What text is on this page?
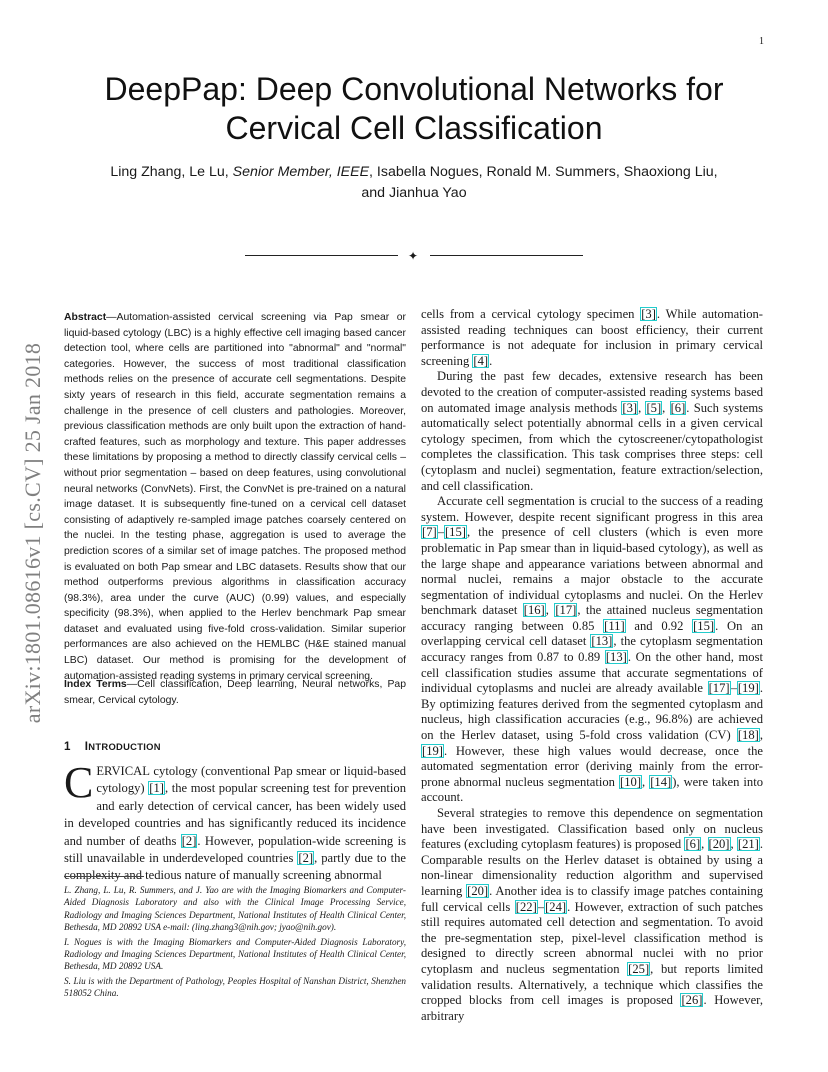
1
arXiv:1801.08616v1 [cs.CV] 25 Jan 2018
DeepPap: Deep Convolutional Networks for
Cervical Cell Classification
Ling Zhang, Le Lu, Senior Member, IEEE, Isabella Nogues, Ronald M. Summers, Shaoxiong Liu,
and Jianhua Yao
✦
Abstract—Automation-assisted cervical screening via Pap smear or liquid-based cytology (LBC) is a highly effective cell imaging based cancer detection tool, where cells are partitioned into "abnormal" and "normal" categories. However, the success of most traditional classification methods relies on the presence of accurate cell segmentations. Despite sixty years of research in this field, accurate segmentation remains a challenge in the presence of cell clusters and pathologies. Moreover, previous classification methods are only built upon the extraction of hand-crafted features, such as morphology and texture. This paper addresses these limitations by proposing a method to directly classify cervical cells – without prior segmentation – based on deep features, using convolutional neural networks (ConvNets). First, the ConvNet is pre-trained on a natural image dataset. It is subsequently fine-tuned on a cervical cell dataset consisting of adaptively re-sampled image patches coarsely centered on the nuclei. In the testing phase, aggregation is used to average the prediction scores of a similar set of image patches. The proposed method is evaluated on both Pap smear and LBC datasets. Results show that our method outperforms previous algorithms in classification accuracy (98.3%), area under the curve (AUC) (0.99) values, and especially specificity (98.3%), when applied to the Herlev benchmark Pap smear dataset and evaluated using five-fold cross-validation. Similar superior performances are also achieved on the HEMLBC (H&E stained manual LBC) dataset. Our method is promising for the development of automation-assisted reading systems in primary cervical screening.
Index Terms—Cell classification, Deep learning, Neural networks, Pap smear, Cervical cytology.
1 INTRODUCTION
CERVICAL cytology (conventional Pap smear or liquid-based cytology) [1], the most popular screening test for prevention and early detection of cervical cancer, has been widely used in developed countries and has significantly reduced its incidence and number of deaths [2]. However, population-wide screening is still unavailable in underdeveloped countries [2], partly due to the complexity and tedious nature of manually screening abnormal

L. Zhang, L. Lu, R. Summers, and J. Yao are with the Imaging Biomarkers and Computer-Aided Diagnosis Laboratory and also with the Clinical Image Processing Service, Radiology and Imaging Sciences Department, National Institutes of Health Clinical Center, Bethesda, MD 20892 USA e-mail: (ling.zhang3@nih.gov; jyao@nih.gov).

I. Nogues is with the Imaging Biomarkers and Computer-Aided Diagnosis Laboratory, Radiology and Imaging Sciences Department, National Institutes of Health Clinical Center, Bethesda, MD 20892 USA.

S. Liu is with the Department of Pathology, Peoples Hospital of Nanshan District, Shenzhen 518052 China.

cells from a cervical cytology specimen [3]. While automation-assisted reading techniques can boost efficiency, their current performance is not adequate for inclusion in primary cervical screening [4].

During the past few decades, extensive research has been devoted to the creation of computer-assisted reading systems based on automated image analysis methods [3], [5], [6]. Such systems automatically select potentially abnormal cells in a given cervical cytology specimen, from which the cytoscreener/cytopathologist completes the classification. This task comprises three steps: cell (cytoplasm and nuclei) segmentation, feature extraction/selection, and cell classification.

Accurate cell segmentation is crucial to the success of a reading system. However, despite recent significant progress in this area [7]–[15], the presence of cell clusters (which is even more problematic in Pap smear than in liquid-based cytology), as well as the large shape and appearance variations between abnormal and normal nuclei, remains a major obstacle to the accurate segmentation of individual cytoplasms and nuclei. On the Herlev benchmark dataset [16], [17], the attained nucleus segmentation accuracy ranging between 0.85 [11] and 0.92 [15]. On an overlapping cervical cell dataset [13], the cytoplasm segmentation accuracy ranges from 0.87 to 0.89 [13]. On the other hand, most cell classification studies assume that accurate segmentations of individual cytoplasms and nuclei are already available [17]–[19]. By optimizing features derived from the segmented cytoplasm and nucleus, high classification accuracies (e.g., 96.8%) are achieved on the Herlev dataset, using 5-fold cross validation (CV) [18], [19]. However, these high values would decrease, once the automated segmentation error (deriving mainly from the error-prone abnormal nucleus segmentation [10], [14]), were taken into account.

Several strategies to remove this dependence on segmentation have been investigated. Classification based only on nucleus features (excluding cytoplasm features) is proposed [6], [20], [21]. Comparable results on the Herlev dataset is obtained by using a non-linear dimensionality reduction algorithm and supervised learning [20]. Another idea is to classify image patches containing full cervical cells [22]–[24]. However, extraction of such patches still requires automated cell detection and segmentation. To avoid the pre-segmentation step, pixel-level classification method is designed to directly screen abnormal nuclei with no prior cytoplasm and nucleus segmentation [25], but reports limited validation results. Alternatively, a technique which classifies the cropped blocks from cell images is proposed [26]. However, arbitrary
